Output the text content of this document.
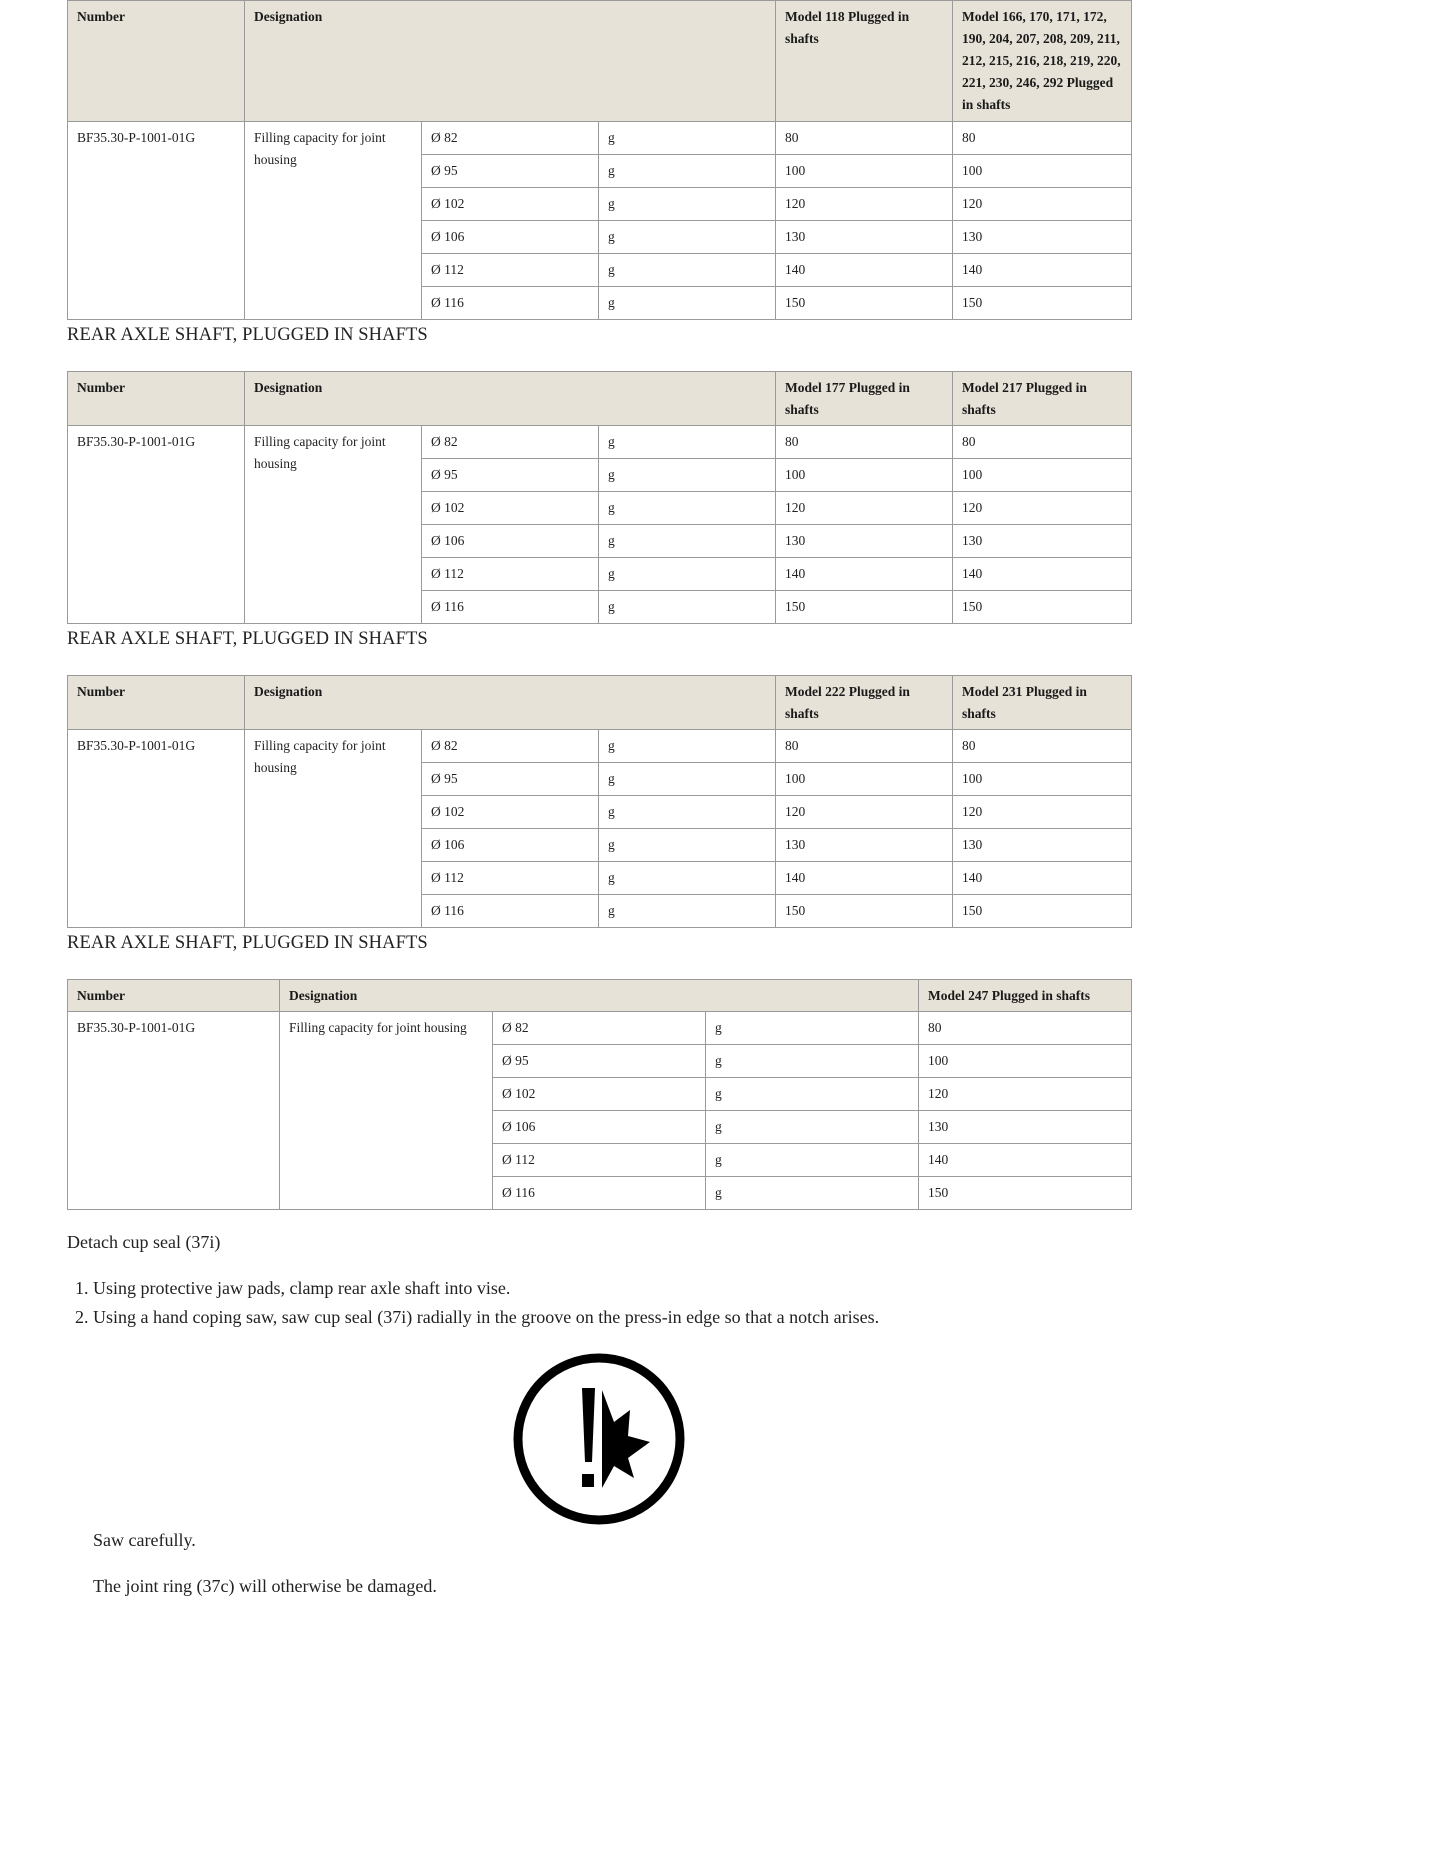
Number	Designation			Model 118 Plugged in shafts	Model 166, 170, 171, 172, 190, 204, 207, 208, 209, 211, 212, 215, 216, 218, 219, 220, 221, 230, 246, 292 Plugged in shafts
BF35.30-P-1001-01G	Filling capacity for joint housing	Ø 82	g	80	80
		Ø 95	g	100	100
		Ø 102	g	120	120
		Ø 106	g	130	130
		Ø 112	g	140	140
		Ø 116	g	150	150
REAR AXLE SHAFT, PLUGGED IN SHAFTS
Number	Designation			Model 177 Plugged in shafts	Model 217 Plugged in shafts
BF35.30-P-1001-01G	Filling capacity for joint housing	Ø 82	g	80	80
		Ø 95	g	100	100
		Ø 102	g	120	120
		Ø 106	g	130	130
		Ø 112	g	140	140
		Ø 116	g	150	150
REAR AXLE SHAFT, PLUGGED IN SHAFTS
Number	Designation			Model 222 Plugged in shafts	Model 231 Plugged in shafts
BF35.30-P-1001-01G	Filling capacity for joint housing	Ø 82	g	80	80
		Ø 95	g	100	100
		Ø 102	g	120	120
		Ø 106	g	130	130
		Ø 112	g	140	140
		Ø 116	g	150	150
REAR AXLE SHAFT, PLUGGED IN SHAFTS
Number	Designation			Model 247 Plugged in shafts
BF35.30-P-1001-01G	Filling capacity for joint housing	Ø 82	g	80
		Ø 95	g	100
		Ø 102	g	120
		Ø 106	g	130
		Ø 112	g	140
		Ø 116	g	150
Detach cup seal (37i)
1. Using protective jaw pads, clamp rear axle shaft into vise.
2. Using a hand coping saw, saw cup seal (37i) radially in the groove on the press-in edge so that a notch arises.

Saw carefully.

The joint ring (37c) will otherwise be damaged.
